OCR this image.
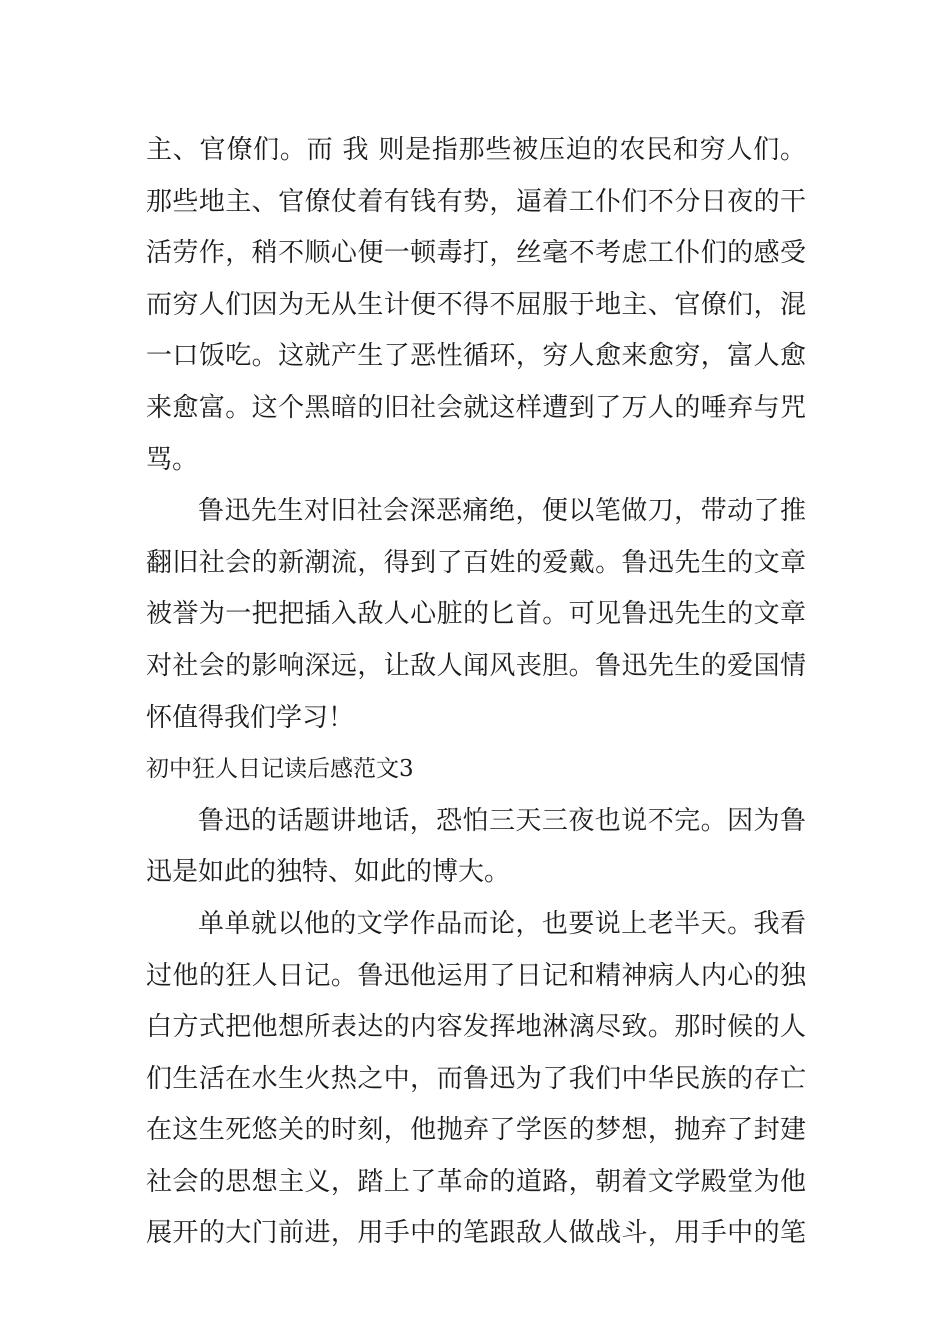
主、官僚们。而 我 则是指那些被压迫的农民和穷人们。
那些地主、官僚仗着有钱有势，逼着工仆们不分日夜的干
活劳作，稍不顺心便一顿毒打，丝毫不考虑工仆们的感受
而穷人们因为无从生计便不得不屈服于地主、官僚们，混
一口饭吃。这就产生了恶性循环，穷人愈来愈穷，富人愈
来愈富。这个黑暗的旧社会就这样遭到了万人的唾弃与咒
骂。
鲁迅先生对旧社会深恶痛绝，便以笔做刀，带动了推
翻旧社会的新潮流，得到了百姓的爱戴。鲁迅先生的文章
被誉为一把把插入敌人心脏的匕首。可见鲁迅先生的文章
对社会的影响深远，让敌人闻风丧胆。鲁迅先生的爱国情
怀值得我们学习！
初中狂人日记读后感范文3
鲁迅的话题讲地话，恐怕三天三夜也说不完。因为鲁
迅是如此的独特、如此的博大。
单单就以他的文学作品而论，也要说上老半天。我看
过他的狂人日记。鲁迅他运用了日记和精神病人内心的独
白方式把他想所表达的内容发挥地淋漓尽致。那时候的人
们生活在水生火热之中，而鲁迅为了我们中华民族的存亡
在这生死悠关的时刻，他抛弃了学医的梦想，抛弃了封建
社会的思想主义，踏上了革命的道路，朝着文学殿堂为他
展开的大门前进，用手中的笔跟敌人做战斗，用手中的笔
